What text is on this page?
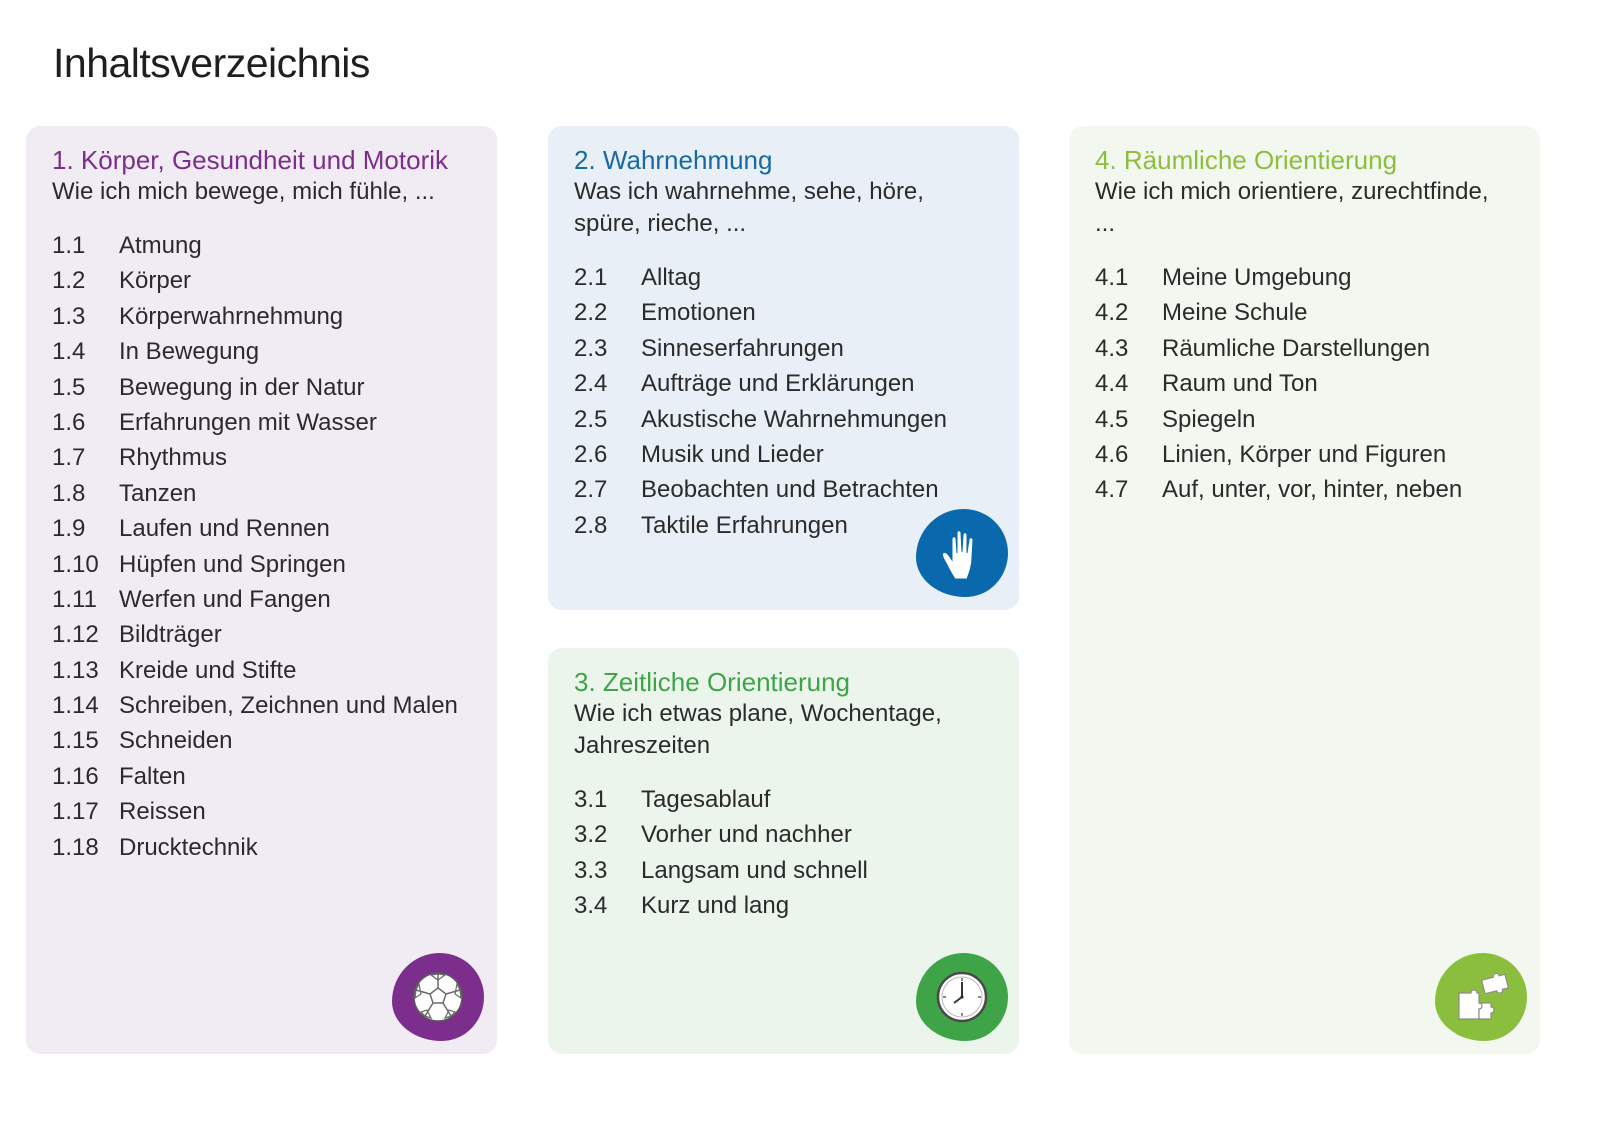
Inhaltsverzeichnis
1. Körper, Gesundheit und Motorik

Wie ich mich bewege, mich fühle, ...

1.1	Atmung
1.2	Körper
1.3	Körperwahrnehmung
1.4	In Bewegung
1.5	Bewegung in der Natur
1.6	Erfahrungen mit Wasser
1.7	Rhythmus
1.8	Tanzen
1.9	Laufen und Rennen
1.10 Hüpfen und Springen
1.11 Werfen und Fangen
1.12 Bildträger
1.13 Kreide und Stifte
1.14 Schreiben, Zeichnen und Malen
1.15 Schneiden
1.16 Falten
1.17 Reissen
1.18 Drucktechnik
2. Wahrnehmung

Was ich wahrnehme, sehe, höre, spüre, rieche, ...

2.1	Alltag
2.2	Emotionen
2.3	Sinneserfahrungen
2.4	Aufträge und Erklärungen
2.5	Akustische Wahrnehmungen
2.6	Musik und Lieder
2.7	Beobachten und Betrachten
2.8	Taktile Erfahrungen
3. Zeitliche Orientierung

Wie ich etwas plane, Wochentage, Jahreszeiten

3.1	Tagesablauf
3.2	Vorher und nachher
3.3	Langsam und schnell
3.4	Kurz und lang
4. Räumliche Orientierung

Wie ich mich orientiere, zurechtfinde, ...

4.1	Meine Umgebung
4.2	Meine Schule
4.3	Räumliche Darstellungen
4.4	Raum und Ton
4.5	Spiegeln
4.6	Linien, Körper und Figuren
4.7	Auf, unter, vor, hinter, neben
